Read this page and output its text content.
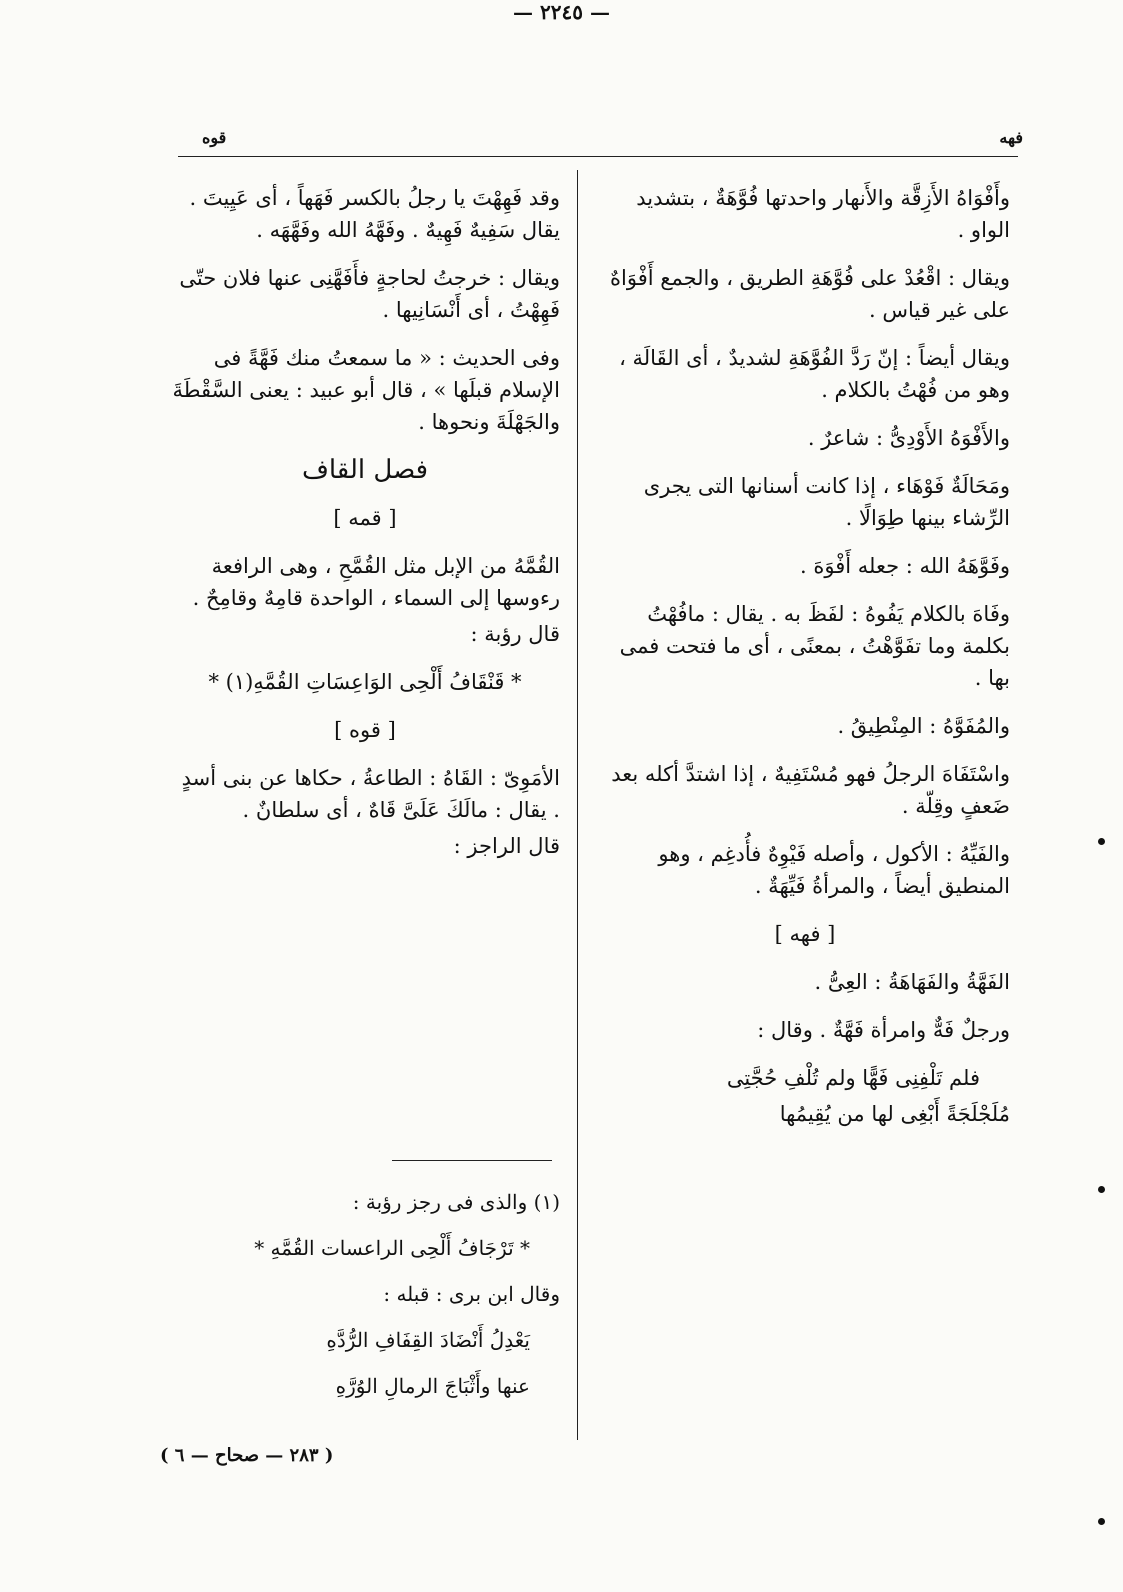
قوه
— ٢٢٤٥ —
فهه

وأَفْوَاهُ الأَزِقَّة والأَنهار واحدتها فُوَّهَةٌ ، بتشديد الواو .

ويقال : اقْعُدْ على فُوَّهَةِ الطريق ، والجمع أَفْوَاهٌ على غير قياس .

ويقال أيضاً : إنّ رَدَّ الفُوَّهَةِ لشديدٌ ، أى القَالَة ، وهو من فُهْتُ بالكلام .

والأَفْوَهُ الأَوْدِىُّ : شاعرٌ .

ومَحَالَةٌ فَوْهَاء ، إذا كانت أسنانها التى يجرى الرِّشاء بينها طِوَالًا .

وفَوَّهَهُ الله : جعله أَفْوَهَ .

وفَاهَ بالكلام يَفُوهُ : لفَظَ به . يقال : مافُهْتُ بكلمة وما تفَوَّهْتُ ، بمعنًى ، أى ما فتحت فمى بها .

والمُفَوَّهُ : المِنْطِيقُ .

واسْتَفَاهَ الرجلُ فهو مُسْتَفِيهٌ ، إذا اشتدَّ أكله بعد ضَعفٍ وقِلّة .

والفَيِّهُ : الأكول ، وأصله فَيْوِهٌ فأُدغِم ، وهو المنطيق أيضاً ، والمرأةُ فَيِّهَةٌ .

[ فهه ]

الفَهَّةُ والفَهَاهَةُ : العِىُّ .

ورجلٌ فَهٌّ وامرأة فَهَّةٌ . وقال :

فلم تَلْفِنِى فَهًّا ولم تُلْفِ حُجَّتِى

مُلَجْلَجَةً أَبْغِى لها من يُقِيمُها

وقد فَهِهْتَ يا رجلُ بالكسر فَهَهاً ، أى عَيِيتَ . يقال سَفِيهٌ فَهِيهٌ . وفَهَّهُ الله وفَهَّهَه .

ويقال : خرجتُ لحاجةٍ فأَفَهَّنِى عنها فلان حتّى فَهِهْتُ ، أى أَنْسَانِيها .

وفى الحديث : « ما سمعتُ منك فَهَّةً فى الإسلام قبلَها » ، قال أبو عبيد : يعنى السَّقْطَةَ والجَهْلَةَ ونحوها .

فصل القاف

[ قمه ]

القُمَّهُ من الإبل مثل القُمَّحِ ، وهى الرافعة رءوسها إلى السماء ، الواحدة قامِهٌ وقامِحٌ .

قال رؤبة :

* قَنْقَافُ أَلْحِى الوَاعِسَاتِ القُمَّهِ(١) *

[ قوه ]

الأمَوِىّ : القَاهُ : الطاعةُ ، حكاها عن بنى أسدٍ . يقال : مالَكَ عَلَىَّ قَاهٌ ، أى سلطانٌ .

قال الراجز :

(١) والذى فى رجز رؤبة :

* تَرْجَافُ أَلْحِى الراعسات القُمَّهِ *

وقال ابن برى : قبله :

يَعْدِلُ أَنْضَادَ القِفَافِ الرُّدَّهِ

عنها وأَثْبَاجَ الرمالِ الوُرَّهِ

( ٢٨٣ — صحاح — ٦ )
